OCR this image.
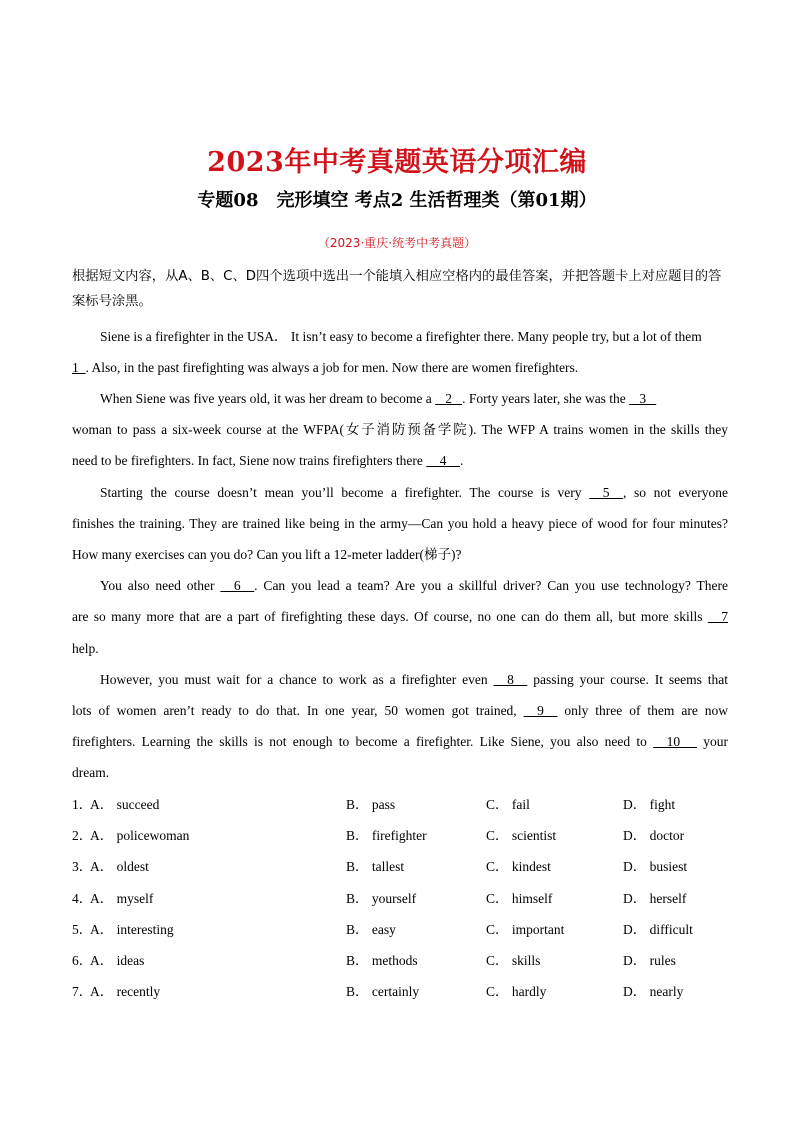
2023年中考真题英语分项汇编
专题08　完形填空 考点2 生活哲理类（第01期）
（2023·重庆·统考中考真题）
根据短文内容，从A、B、C、D四个选项中选出一个能填入相应空格内的最佳答案，并把答题卡上对应题目的答案标号涂黑。
Siene is a firefighter in the USA． It isn’t easy to become a firefighter there. Many people try, but a lot of them
1  . Also, in the past firefighting was always a job for men. Now there are women firefighters.
When Siene was five years old, it was her dream to become a    2   . Forty years later, she was the    3
woman to pass a six-week course at the WFPA(女子消防预备学院). The WFP A trains women in the skills they
need to be firefighters. In fact, Siene now trains firefighters there     4    .
Starting the course doesn’t mean you’ll become a firefighter. The course is very     5    , so not everyone
finishes the training. They are trained like being in the army—Can you hold a heavy piece of wood for four minutes?
How many exercises can you do? Can you lift a 12-meter ladder(梯子)?
You also need other     6    . Can you lead a team? Are you a skillful driver? Can you use technology? There
are so many more that are a part of firefighting these days. Of course, no one can do them all, but more skills     7
help.
However, you must wait for a chance to work as a firefighter even     8     passing your course. It seems that
lots of women aren’t ready to do that. In one year, 50 women got trained,     9     only three of them are now
firefighters. Learning the skills is not enough to become a firefighter. Like Siene, you also need to     10      your
dream.
1．
A． succeed	B． pass	C． fail	D． fight
2．
A． policewoman	B． firefighter	C． scientist	D． doctor
3．
A． oldest	B． tallest	C． kindest	D． busiest
4．
A． myself	B． yourself	C． himself	D． herself
5．
A． interesting	B． easy	C． important	D． difficult
6．
A． ideas	B． methods	C． skills	D． rules
7．
A． recently	B． certainly	C． hardly	D． nearly
